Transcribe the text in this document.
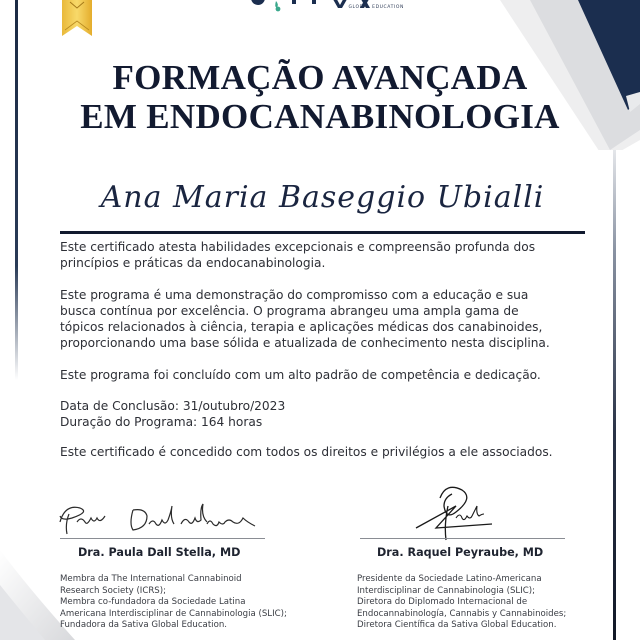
GLOBAL EDUCATION
FORMAÇÃO AVANÇADA
EM ENDOCANABINOLOGIA
Ana Maria Baseggio Ubialli
Este certificado atesta habilidades excepcionais e compreensão profunda dos
princípios e práticas da endocanabinologia.
Este programa é uma demonstração do compromisso com a educação e sua
busca contínua por excelência. O programa abrangeu uma ampla gama de
tópicos relacionados à ciência, terapia e aplicações médicas dos canabinoides,
proporcionando uma base sólida e atualizada de conhecimento nesta disciplina.
Este programa foi concluído com um alto padrão de competência e dedicação.
Data de Conclusão: 31/outubro/2023
Duração do Programa: 164 horas
Este certificado é concedido com todos os direitos e privilégios a ele associados.
Dra. Paula Dall Stella, MD
Membra da The International Cannabinoid
Research Society (ICRS);
Membra co-fundadora da Sociedade Latina
Americana Interdisciplinar de Cannabinologia (SLIC);
Fundadora da Sativa Global Education.
Dra. Raquel Peyraube, MD
Presidente da Sociedade Latino-Americana
Interdisciplinar de Cannabinologia (SLIC);
Diretora do Diplomado Internacional de
Endocannabinología, Cannabis y Cannabinoides;
Diretora Científica da Sativa Global Education.
